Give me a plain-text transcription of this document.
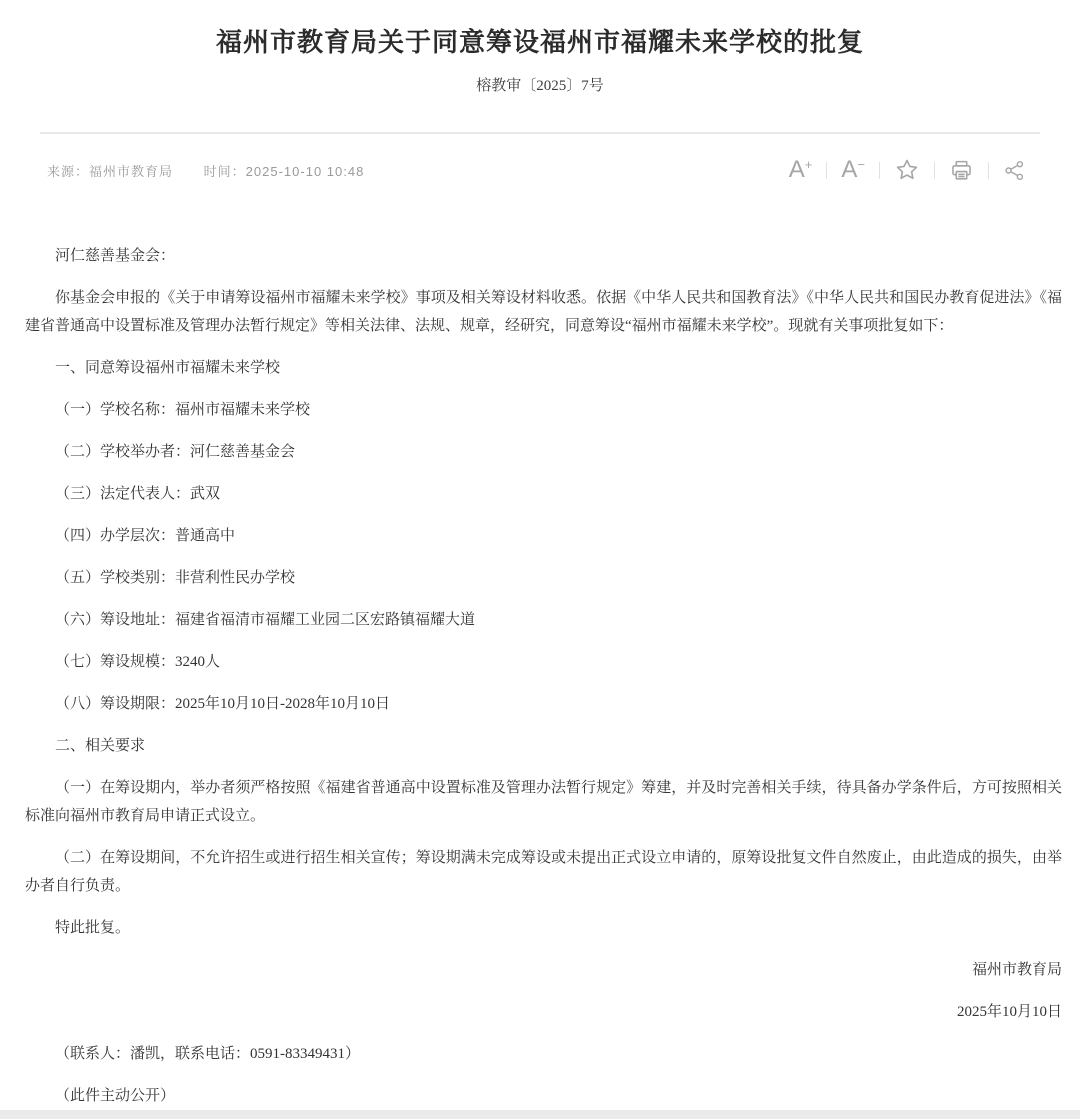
福州市教育局关于同意筹设福州市福耀未来学校的批复
榕教审〔2025〕7号
来源：福州市教育局 时间：2025-10-10 10:48	A + A −

河仁慈善基金会：

你基金会申报的《关于申请筹设福州市福耀未来学校》事项及相关筹设材料收悉。依据《中华人民共和国教育法》《中华人民共和国民办教育促进法》《福建省普通高中设置标准及管理办法暂行规定》等相关法律、法规、规章，经研究，同意筹设“福州市福耀未来学校”。现就有关事项批复如下：

一、同意筹设福州市福耀未来学校

（一）学校名称：福州市福耀未来学校

（二）学校举办者：河仁慈善基金会

（三）法定代表人：武双

（四）办学层次：普通高中

（五）学校类别：非营利性民办学校

（六）筹设地址：福建省福清市福耀工业园二区宏路镇福耀大道

（七）筹设规模：3240人

（八）筹设期限：2025年10月10日-2028年10月10日

二、相关要求

（一）在筹设期内，举办者须严格按照《福建省普通高中设置标准及管理办法暂行规定》筹建，并及时完善相关手续，待具备办学条件后，方可按照相关标准向福州市教育局申请正式设立。

（二）在筹设期间，不允许招生或进行招生相关宣传；筹设期满未完成筹设或未提出正式设立申请的，原筹设批复文件自然废止，由此造成的损失，由举办者自行负责。

特此批复。

福州市教育局

2025年10月10日

（联系人：潘凯，联系电话：0591-83349431）

（此件主动公开）
